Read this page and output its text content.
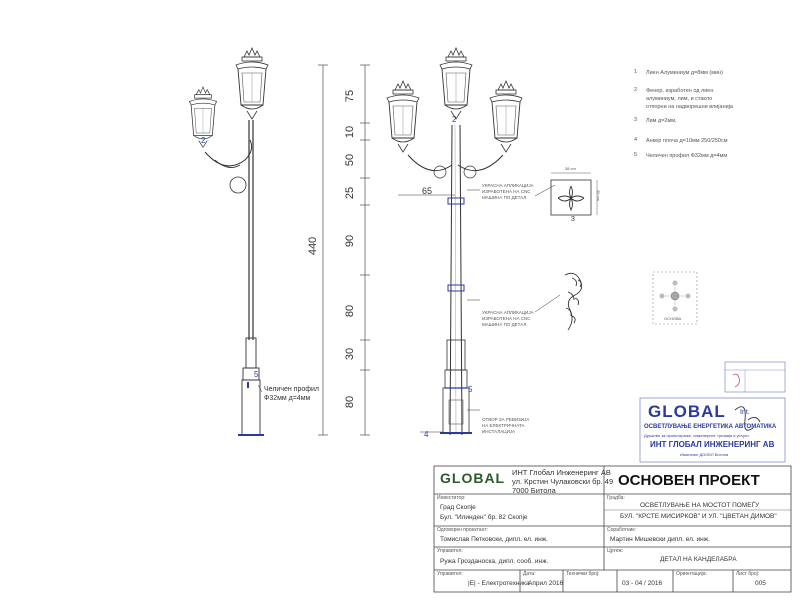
440
75
10
50
25
90
80
30
80
65
2
5
5
4
2
3
Челичен профил
Ф32мм д=4мм
УКРАСНА АПЛИКАЦИЈА
ИЗРАБОТЕНА НА CNC
МАШИНА ПО ДЕТАЛ
УКРАСНА АПЛИКАЦИЈА
ИЗРАБОТЕНА НА CNC
МАШИНА ПО ДЕТАЛ
ОТВОР ЗА РЕВИЗИЈА
НА ЕЛЕКТРИЧНАТА
ИНСТАЛАЦИЈА
38 cm
38 cm
ОСНОВА
1 Лиен Алуминиум д=8мм (мин)
2 Фенер, изработен од лиен
алуминиум, лим, и стакло
отпорни на надворешни влијанија
3 Лим д=2мм,
4 Анкер плоча д=10мм 250/250см
5 Челичен профил Ф32мм д=4мм
GLOBAL Int.
ОСВЕТЛУВАЊЕ ЕНЕРГЕТИКА АВТОМАТИКА
Друштво за проектирање, инженеринг, трговија и услуги
ИНТ ГЛОБАЛ ИНЖЕНЕРИНГ АВ
Иматичен ДООЕЛ Битола
GLOBAL ИНТ Глобал Инженеринг АВ
ул. Крстин Чулаковски бр. 49
7000 Битола
ОСНОВЕН ПРОЕКТ
Инвеститор:
Град Скопје
Бул. "Илинден" бр. 82 Скопје
Градба:
ОСВЕТЛУВАЊЕ НА МОСТОТ ПОМЕЃУ
БУЛ. "КРСТЕ МИСИРКОВ" И УЛ. "ЦВЕТАН ДИМОВ"
Одговорен проектант:
Томислав Петковски, дипл. ел. инж.
Соработник:
Мартин Мишевски дипл. ел. инж.
Управител:
Ружа Грозданоска, дипл. сооб. инж.
Цртеж:
ДЕТАЛ НА КАНДЕЛАБРА
Управител:
|E| - Електротехника
Дата:
Април 2016
Технички број:
03 - 04 / 2016
Ориентација:	Лист број:
005
